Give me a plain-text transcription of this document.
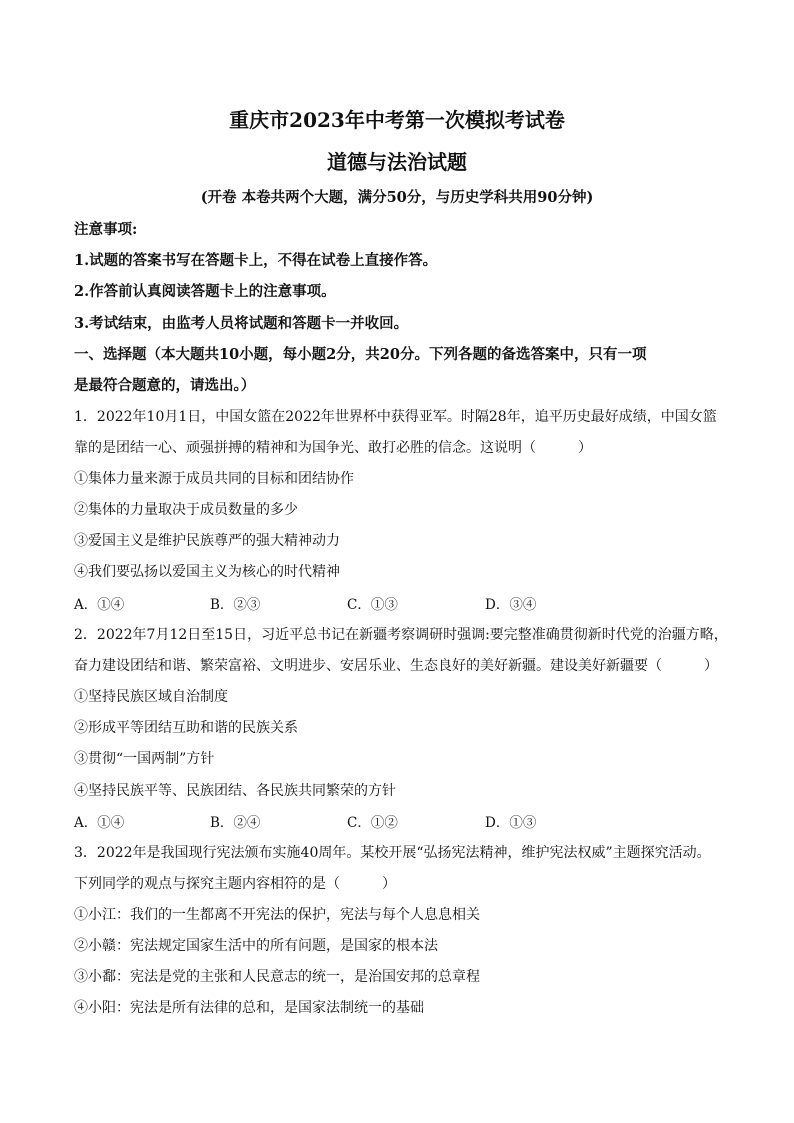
重庆市2023年中考第一次模拟考试卷
道德与法治试题
(开卷 本卷共两个大题，满分50分，与历史学科共用90分钟)
注意事项:
1.试题的答案书写在答题卡上，不得在试卷上直接作答。
2.作答前认真阅读答题卡上的注意事项。
3.考试结束，由监考人员将试题和答题卡一并收回。
一、选择题（本大题共10小题，每小题2分，共20分。下列各题的备选答案中，只有一项
是最符合题意的，请选出。）
1．2022年10月1日，中国女篮在2022年世界杯中获得亚军。时隔28年，追平历史最好成绩，中国女篮
靠的是团结一心、顽强拼搏的精神和为国争光、敢打必胜的信念。这说明（　　　）
①集体力量来源于成员共同的目标和团结协作
②集体的力量取决于成员数量的多少
③爱国主义是维护民族尊严的强大精神动力
④我们要弘扬以爱国主义为核心的时代精神
A．①④	B．②③	C．①③	D．③④
2．2022年7月12日至15日，习近平总书记在新疆考察调研时强调:要完整准确贯彻新时代党的治疆方略，
奋力建设团结和谐、繁荣富裕、文明进步、安居乐业、生态良好的美好新疆。建设美好新疆要（　　　）
①坚持民族区域自治制度
②形成平等团结互助和谐的民族关系
③贯彻“一国两制”方针
④坚持民族平等、民族团结、各民族共同繁荣的方针
A．①④	B．②④	C．①②	D．①③
3．2022年是我国现行宪法颁布实施40周年。某校开展“弘扬宪法精神，维护宪法权威”主题探究活动。
下列同学的观点与探究主题内容相符的是（　　　）
①小江：我们的一生都离不开宪法的保护，宪法与每个人息息相关
②小赣：宪法规定国家生活中的所有问题，是国家的根本法
③小鄱：宪法是党的主张和人民意志的统一，是治国安邦的总章程
④小阳：宪法是所有法律的总和，是国家法制统一的基础
